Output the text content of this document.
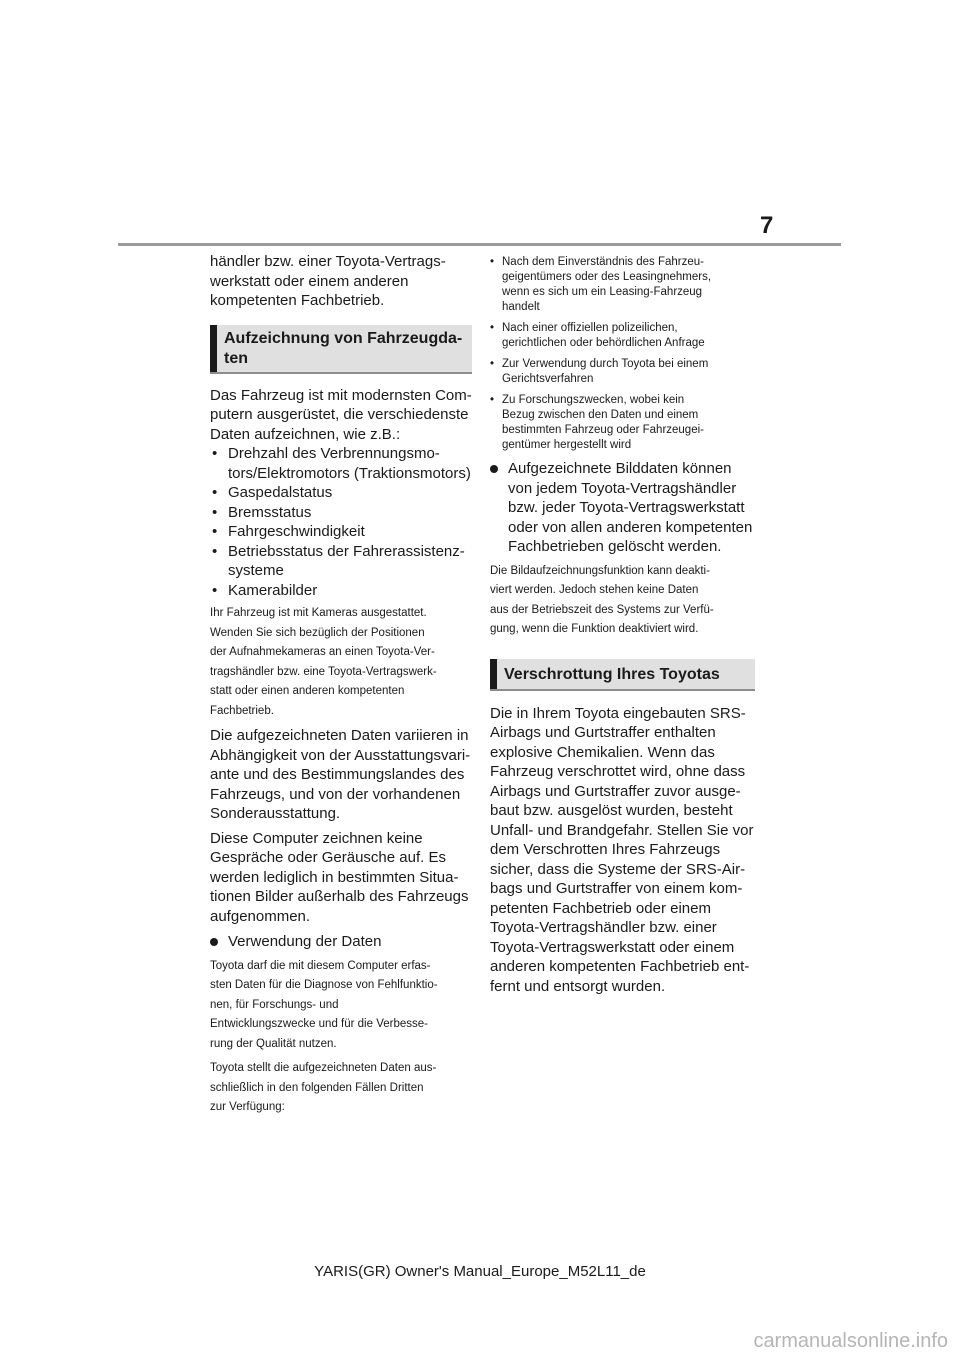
7

händler bzw. einer Toyota-Vertrags-
werkstatt oder einem anderen
kompetenten Fachbetrieb.

Aufzeichnung von Fahrzeugda-
ten

Das Fahrzeug ist mit modernsten Com-
putern ausgerüstet, die verschiedenste
Daten aufzeichnen, wie z.B.:

• Drehzahl des Verbrennungsmo-
tors/Elektromotors (Traktionsmotors)
• Gaspedalstatus
• Bremsstatus
• Fahrgeschwindigkeit
• Betriebsstatus der Fahrerassistenz-
systeme
• Kamerabilder

Ihr Fahrzeug ist mit Kameras ausgestattet.
Wenden Sie sich bezüglich der Positionen
der Aufnahmekameras an einen Toyota-Ver-
tragshändler bzw. eine Toyota-Vertragswerk-
statt oder einen anderen kompetenten
Fachbetrieb.

Die aufgezeichneten Daten variieren in
Abhängigkeit von der Ausstattungsvari-
ante und des Bestimmungslandes des
Fahrzeugs, und von der vorhandenen
Sonderausstattung.

Diese Computer zeichnen keine
Gespräche oder Geräusche auf. Es
werden lediglich in bestimmten Situa-
tionen Bilder außerhalb des Fahrzeugs
aufgenommen.

Verwendung der Daten

Toyota darf die mit diesem Computer erfas-
sten Daten für die Diagnose von Fehlfunktio-
nen, für Forschungs- und
Entwicklungszwecke und für die Verbesse-
rung der Qualität nutzen.

Toyota stellt die aufgezeichneten Daten aus-
schließlich in den folgenden Fällen Dritten
zur Verfügung:

• Nach dem Einverständnis des Fahrzeu-
geigentümers oder des Leasingnehmers,
wenn es sich um ein Leasing-Fahrzeug
handelt
• Nach einer offiziellen polizeilichen,
gerichtlichen oder behördlichen Anfrage
• Zur Verwendung durch Toyota bei einem
Gerichtsverfahren
• Zu Forschungszwecken, wobei kein
Bezug zwischen den Daten und einem
bestimmten Fahrzeug oder Fahrzeugei-
gentümer hergestellt wird
Aufgezeichnete Bilddaten können
von jedem Toyota-Vertragshändler
bzw. jeder Toyota-Vertragswerkstatt
oder von allen anderen kompetenten
Fachbetrieben gelöscht werden.

Die Bildaufzeichnungsfunktion kann deakti-
viert werden. Jedoch stehen keine Daten
aus der Betriebszeit des Systems zur Verfü-
gung, wenn die Funktion deaktiviert wird.

Verschrottung Ihres Toyotas

Die in Ihrem Toyota eingebauten SRS-
Airbags und Gurtstraffer enthalten
explosive Chemikalien. Wenn das
Fahrzeug verschrottet wird, ohne dass
Airbags und Gurtstraffer zuvor ausge-
baut bzw. ausgelöst wurden, besteht
Unfall- und Brandgefahr. Stellen Sie vor
dem Verschrotten Ihres Fahrzeugs
sicher, dass die Systeme der SRS-Air-
bags und Gurtstraffer von einem kom-
petenten Fachbetrieb oder einem
Toyota-Vertragshändler bzw. einer
Toyota-Vertragswerkstatt oder einem
anderen kompetenten Fachbetrieb ent-
fernt und entsorgt wurden.

YARIS(GR) Owner's Manual_Europe_M52L11_de
carmanualsonline.info
